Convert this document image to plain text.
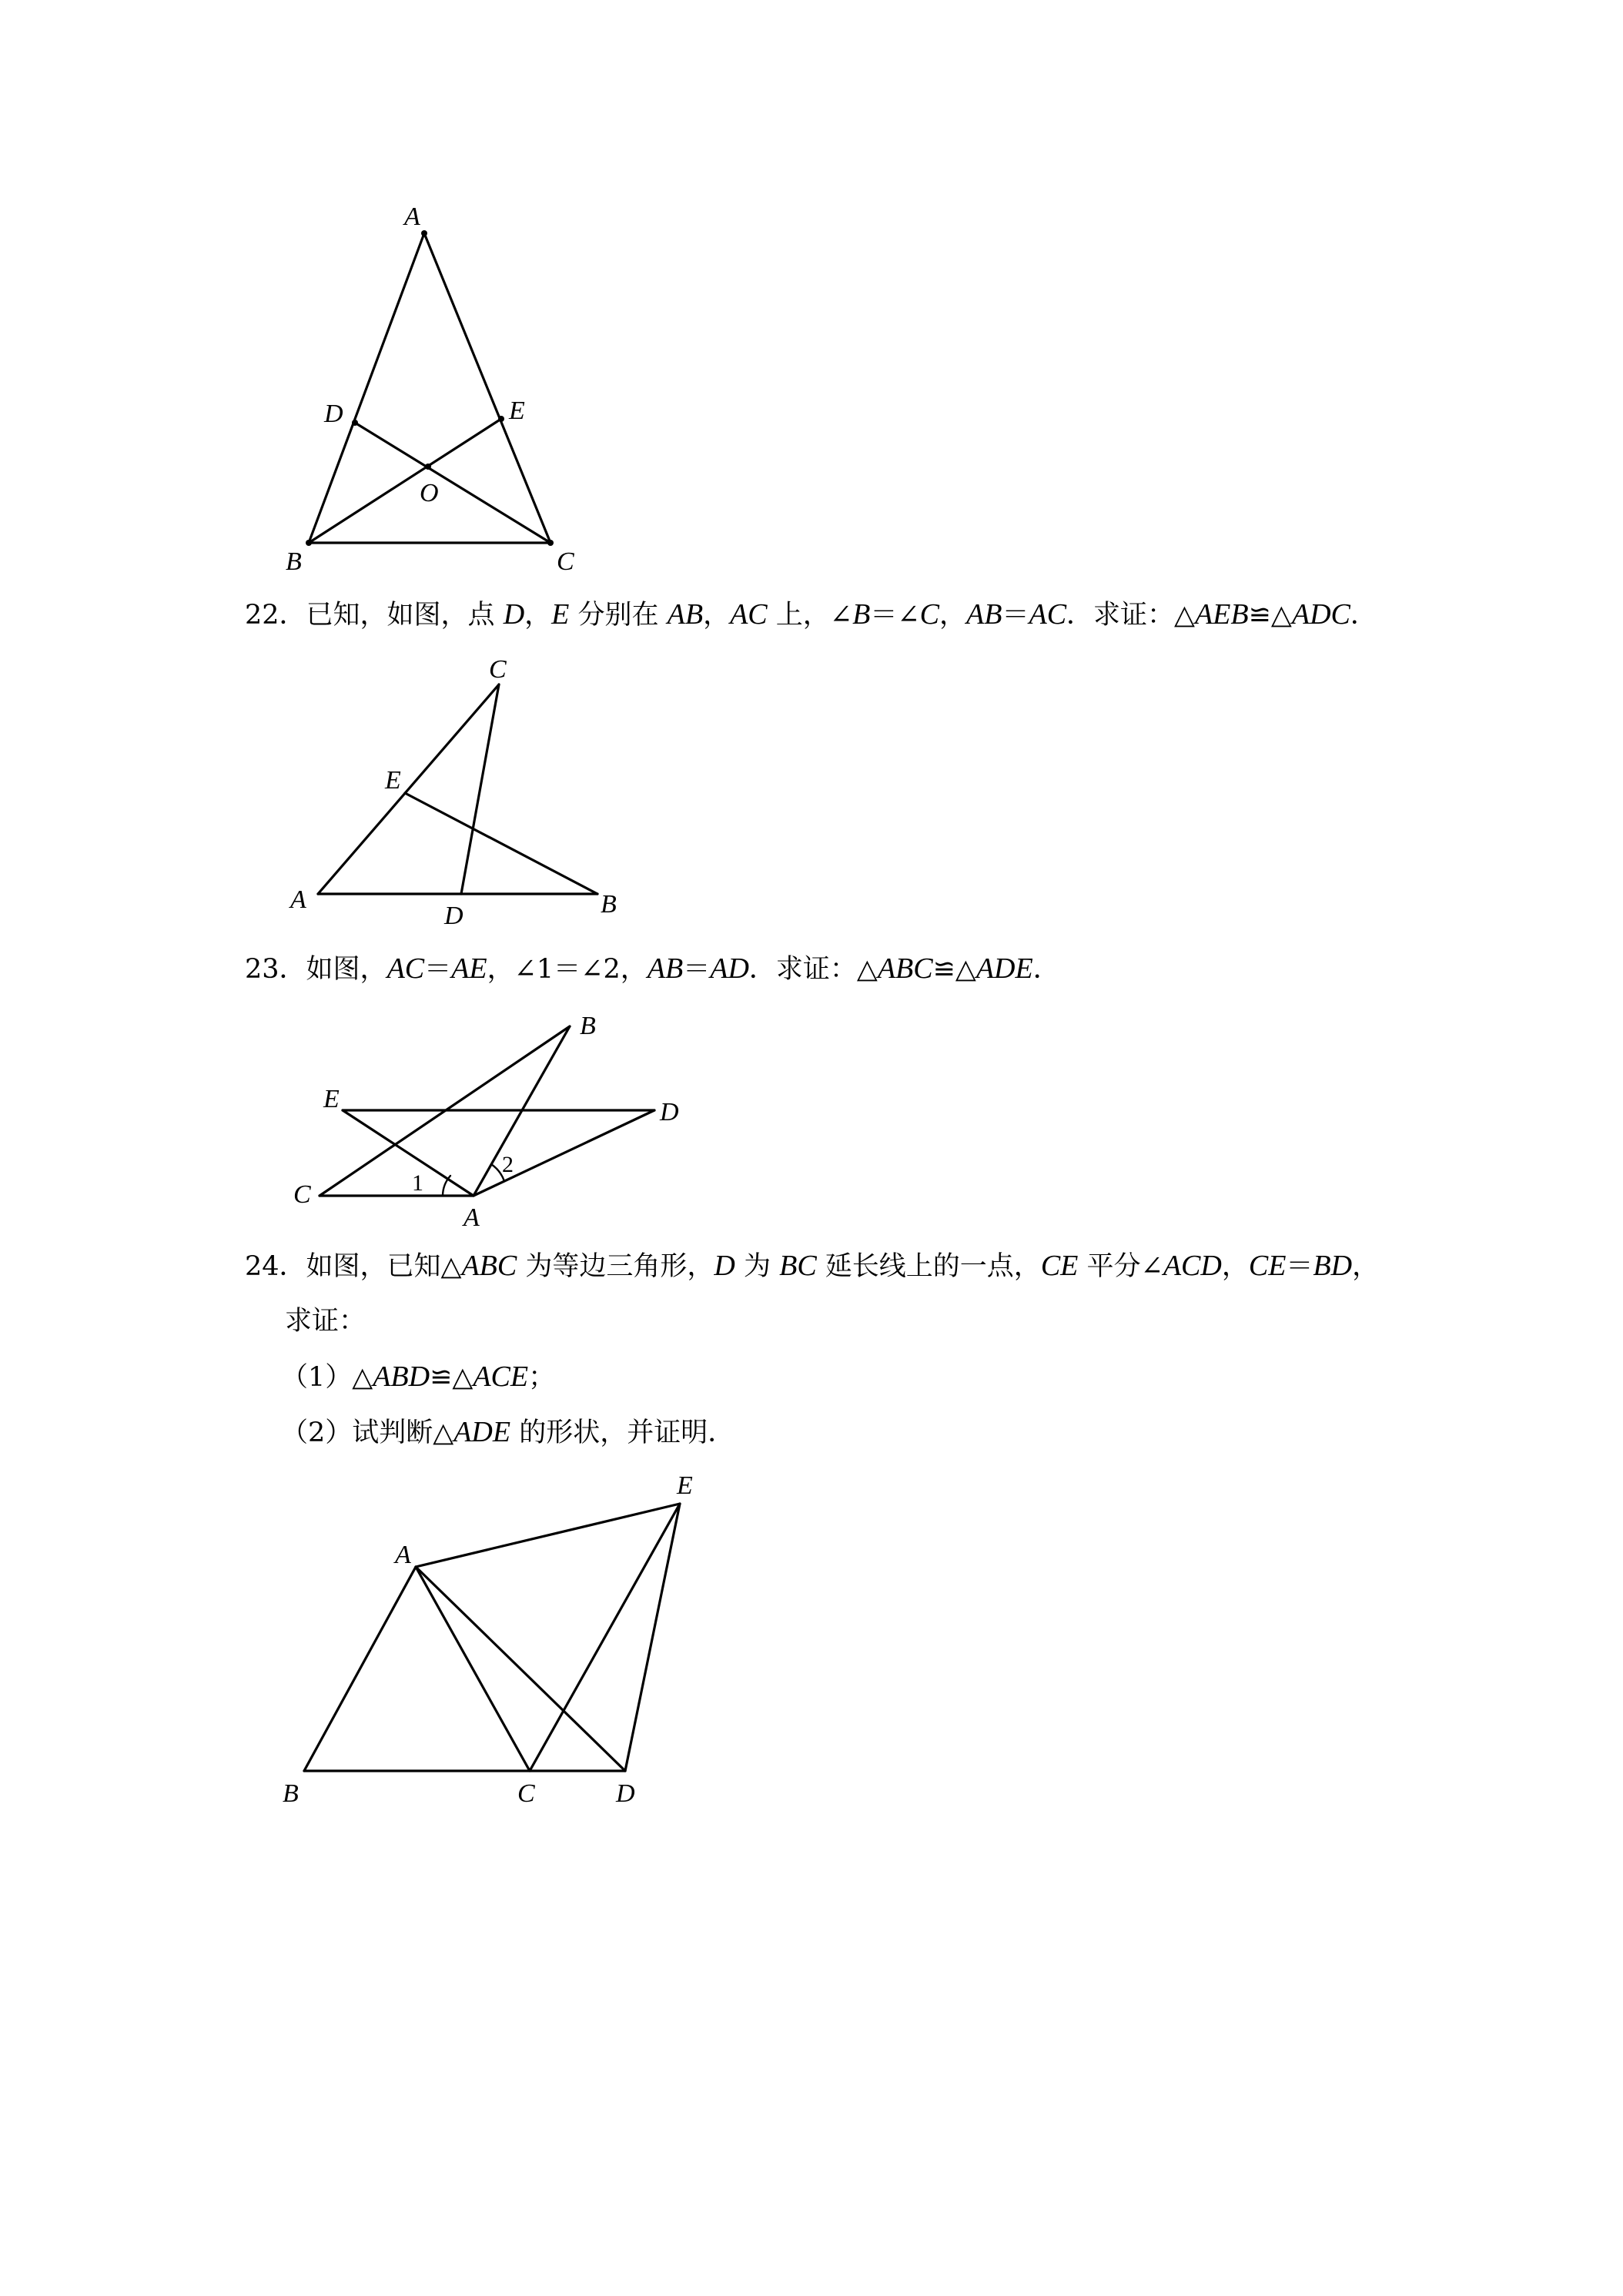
A
B	C
D	E
O
22．已知，如图，点 D，E 分别在 AB，AC 上，∠B＝∠C，AB＝AC．求证：△AEB≌△ADC．
A	B
C
D
E
23．如图，AC＝AE，∠1＝∠2，AB＝AD．求证：△ABC≌△ADE．
A
B
C
D
E
1
2
24．如图，已知△ABC 为等边三角形，D 为 BC 延长线上的一点，CE 平分∠ACD，CE＝BD，
求证：
（1）△ABD≌△ACE；
（2）试判断△ADE 的形状，并证明．
A
B	C	D
E
